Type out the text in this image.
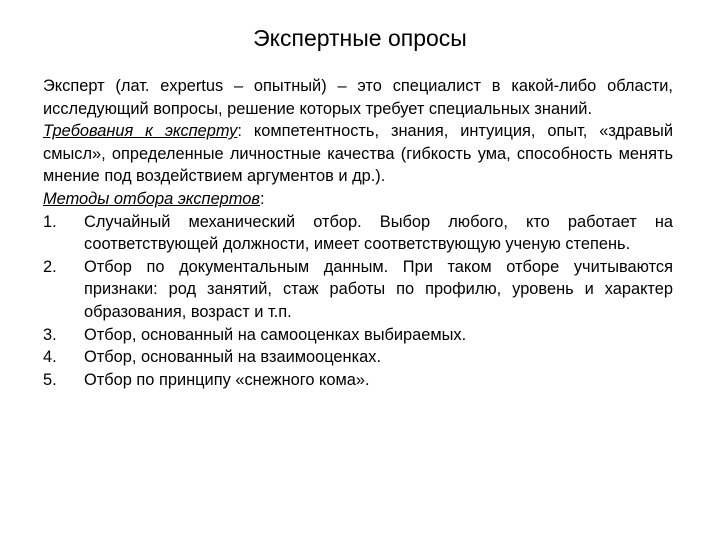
Экспертные опросы

Эксперт (лат. expertus – опытный) – это специалист в какой-либо области, исследующий вопросы, решение которых требует специальных знаний.

Требования к эксперту: компетентность, знания, интуиция, опыт, «здравый смысл», определенные личностные качества (гибкость ума, способность менять мнение под воздействием аргументов и др.).

Методы отбора экспертов:

1.	Случайный механический отбор. Выбор любого, кто работает на соответствующей должности, имеет соответствующую ученую степень.
2.	Отбор по документальным данным. При таком отборе учитываются признаки: род занятий, стаж работы по профилю, уровень и характер образования, возраст и т.п.
3.	Отбор, основанный на самооценках выбираемых.
4.	Отбор, основанный на взаимооценках.
5.	Отбор по принципу «снежного кома».
